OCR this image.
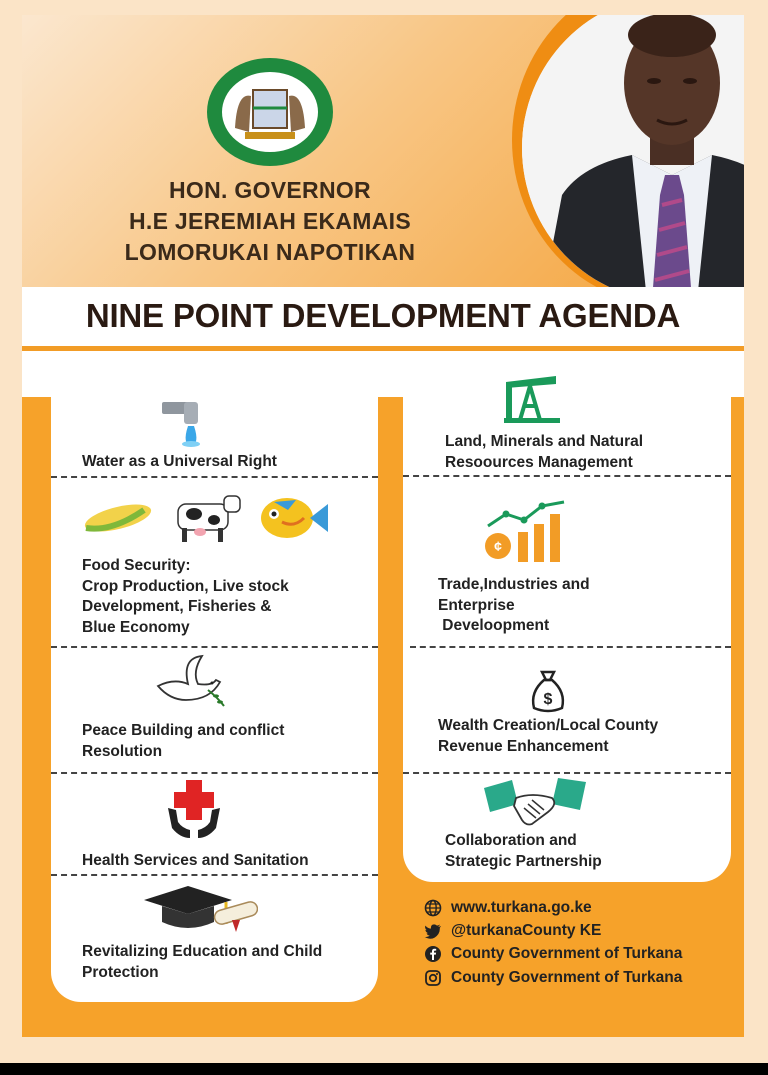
HON. GOVERNOR
H.E JEREMIAH EKAMAIS
LOMORUKAI NAPOTIKAN
NINE POINT DEVELOPMENT AGENDA
Water as a Universal Right
Food Security:
Crop Production, Live stock
Development, Fisheries &
Blue Economy
Peace Building and conflict
Resolution
Health Services and Sanitation
Revitalizing Education and Child
Protection
Land, Minerals and Natural
Resoources Management
¢
Trade,Industries and
Enterprise
Develoopment
$
Wealth Creation/Local County
Revenue Enhancement
Collaboration and
Strategic Partnership
www.turkana.go.ke
@turkanaCounty KE
County Government of Turkana
County Government of Turkana
